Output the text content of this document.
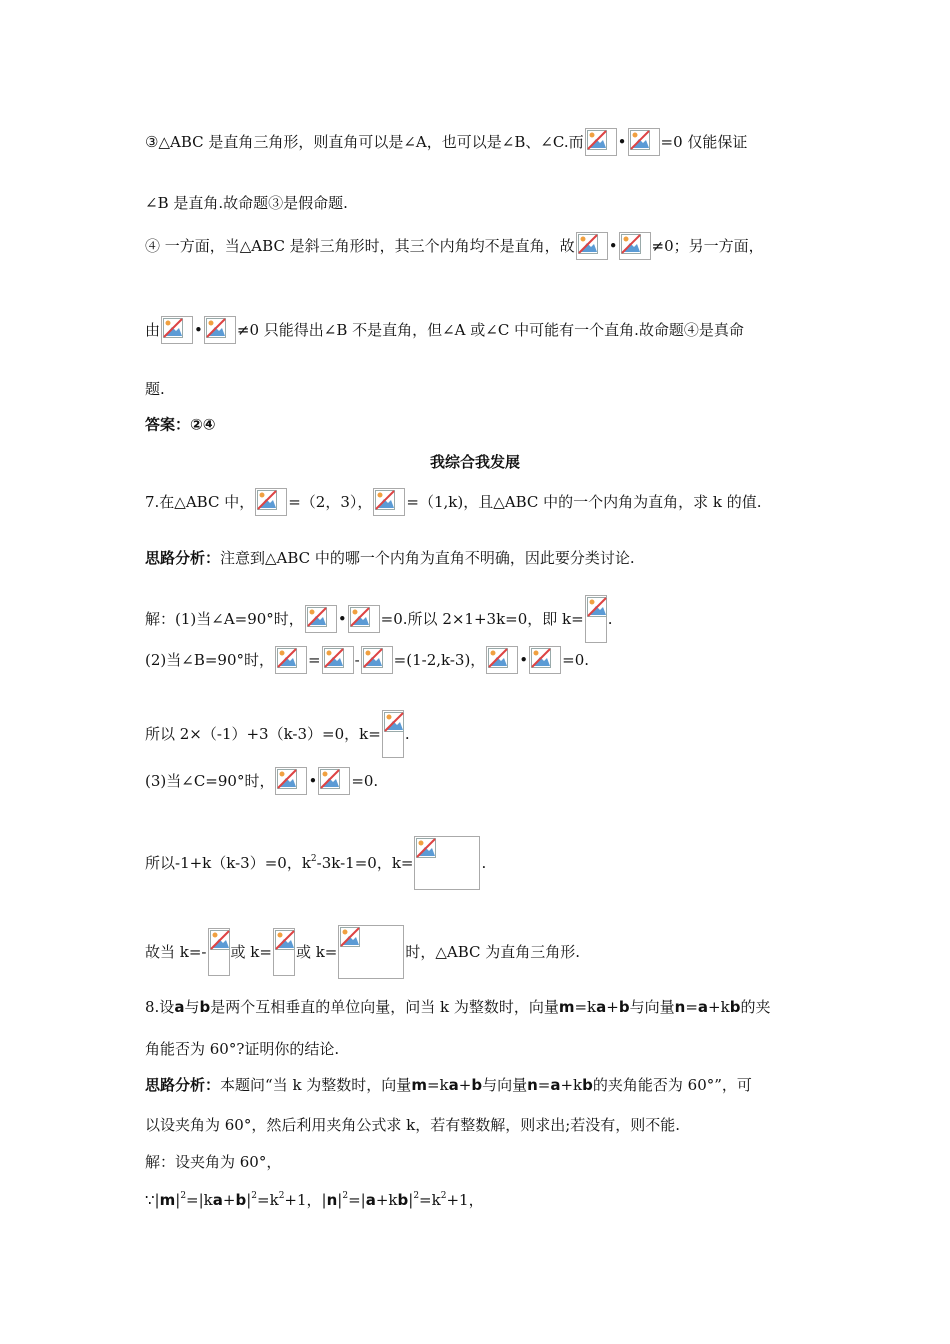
③△ABC 是直角三角形，则直角可以是∠A，也可以是∠B、∠C.而 • =0 仅能保证
∠B 是直角.故命题③是假命题.
④ 一方面，当△ABC 是斜三角形时，其三个内角均不是直角，故 • ≠0；另一方面，
由 • ≠0 只能得出∠B 不是直角，但∠A 或∠C 中可能有一个直角.故命题④是真命
题.
答案：②④
我综合我发展
7.在△ABC 中， =（2，3）， =（1,k)，且△ABC 中的一个内角为直角，求 k 的值.
思路分析：注意到△ABC 中的哪一个内角为直角不明确，因此要分类讨论.
解：(1)当∠A=90°时， • =0.所以 2×1+3k=0，即 k= .
(2)当∠B=90°时， = - =(1-2,k-3)， • =0.
所以 2×（-1）+3（k-3）=0，k= .
(3)当∠C=90°时， • =0.
所以-1+k（k-3）=0，$k^2-3k-1=0$，k=	.
故当 k=- 或 k= 或 k=	时，△ABC 为直角三角形.
8.设a与b是两个互相垂直的单位向量，问当 k 为整数时，向量m=ka+b与向量n=a+kb的夹
角能否为 60°?证明你的结论.
思路分析：本题问“当 k 为整数时，向量m=ka+b与向量n=a+kb的夹角能否为 60°”，可
以设夹角为 60°，然后利用夹角公式求 k，若有整数解，则求出;若没有，则不能.
解：设夹角为 60°，
$\because|m|^2=|ka+b|^2=k^2+1$，$|n|^2=|a+kb|^2=k^2+1$，
